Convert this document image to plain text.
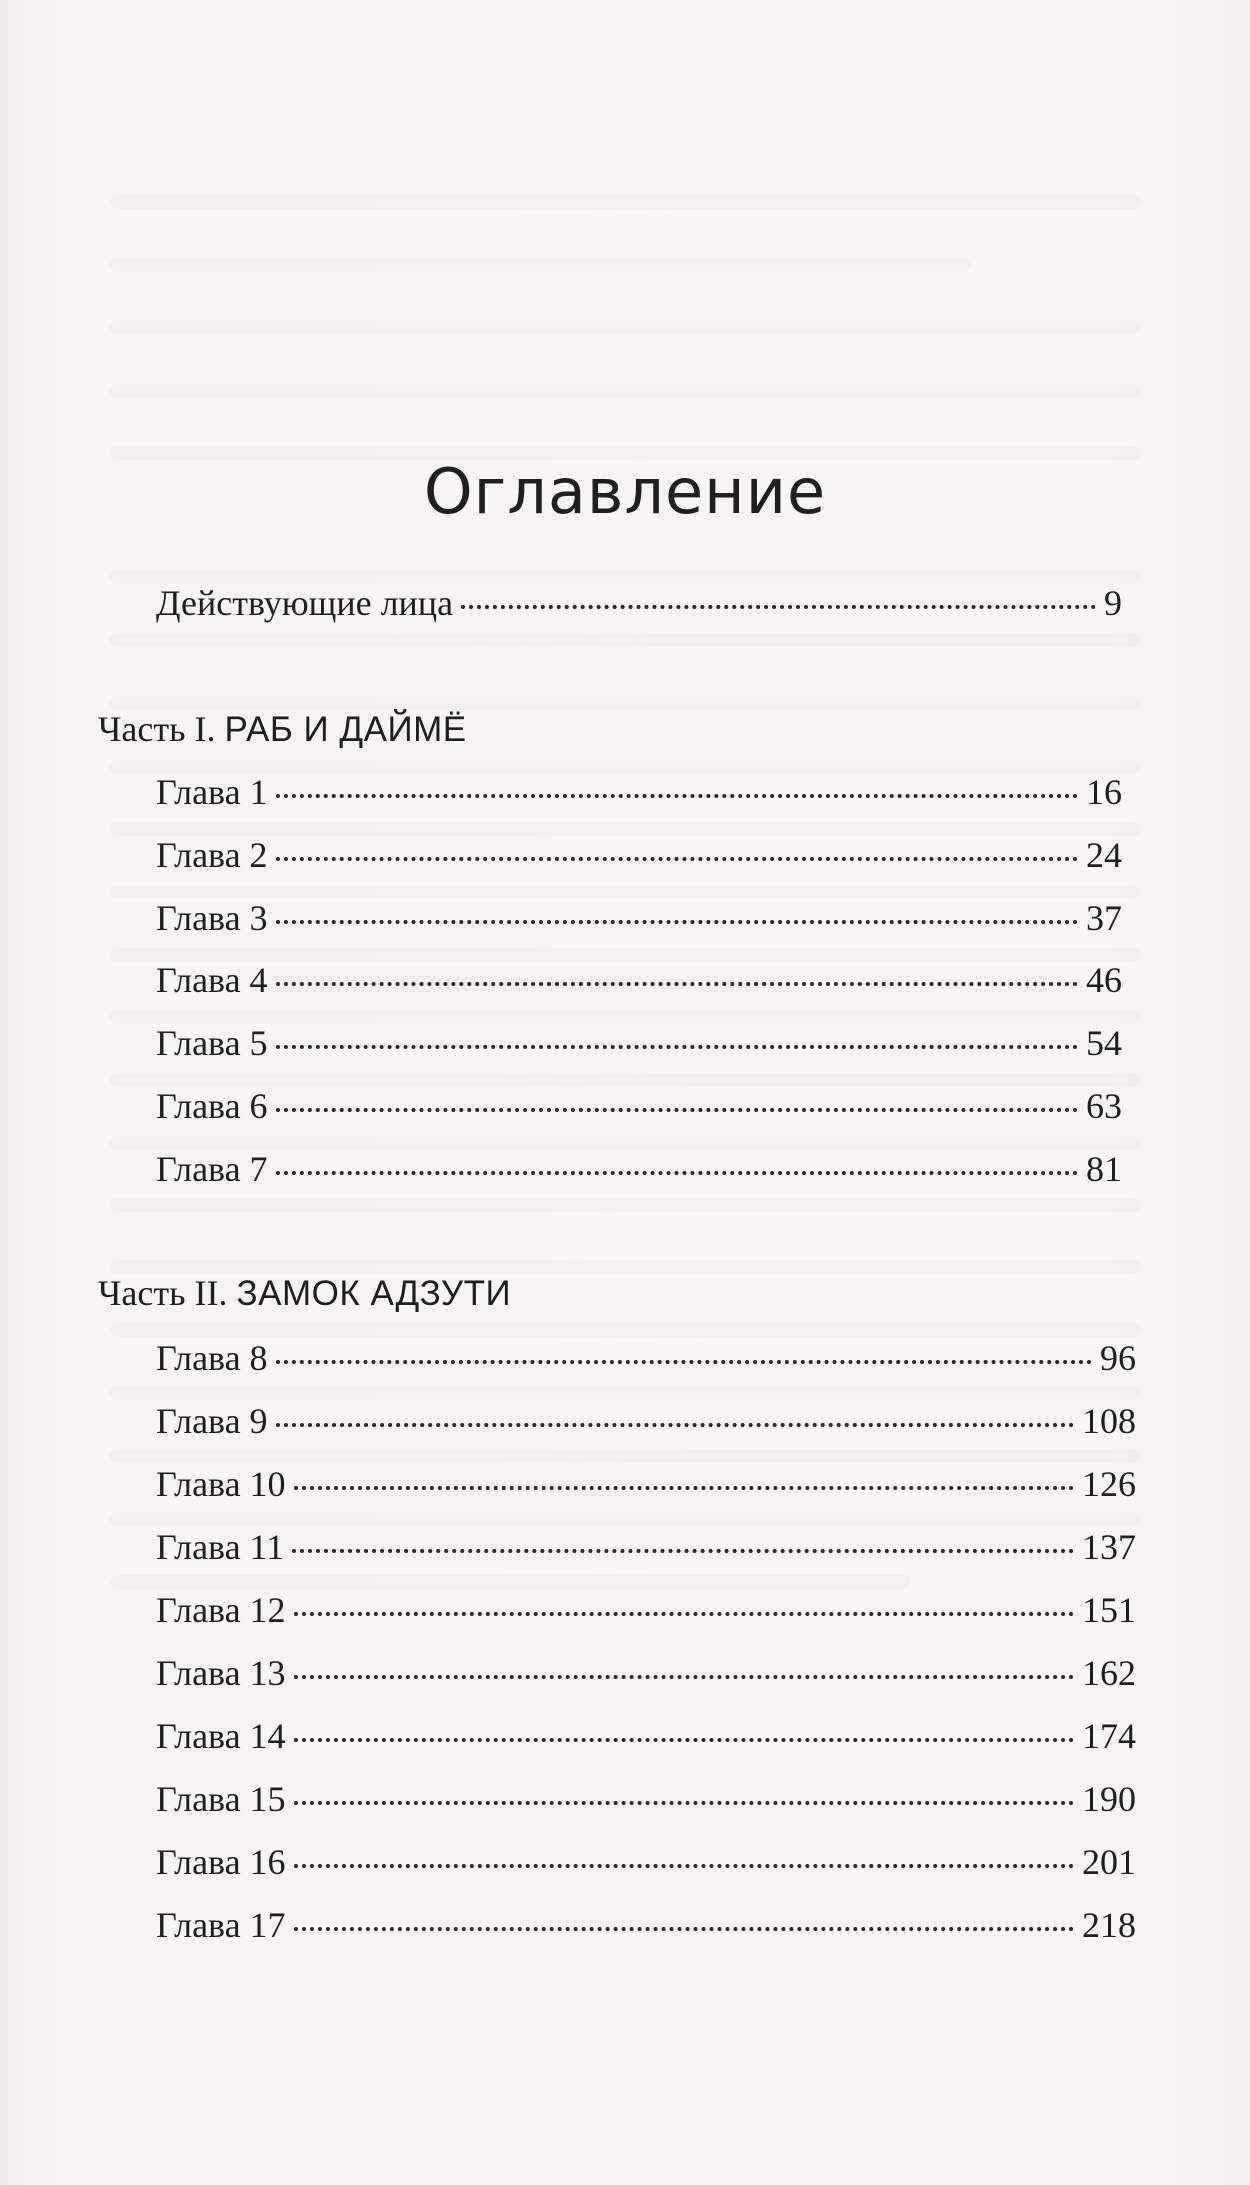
Оглавление
Действующие лица	9
Часть I. РАБ И ДАЙМЁ
Глава 1	16
Глава 2	24
Глава 3	37
Глава 4	46
Глава 5	54
Глава 6	63
Глава 7	81
Часть II. ЗАМОК АДЗУТИ
Глава 8	96
Глава 9	108
Глава 10	126
Глава 11	137
Глава 12	151
Глава 13	162
Глава 14	174
Глава 15	190
Глава 16	201
Глава 17	218
